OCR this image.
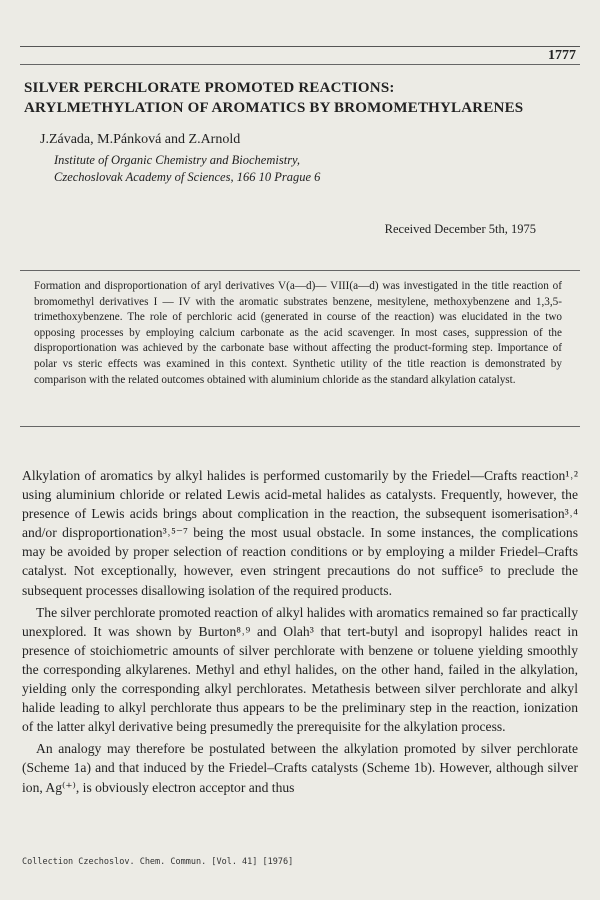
1777
SILVER PERCHLORATE PROMOTED REACTIONS:
ARYLMETHYLATION OF AROMATICS BY BROMOMETHYLARENES
J.Závada, M.Pánková and Z.Arnold
Institute of Organic Chemistry and Biochemistry,
Czechoslovak Academy of Sciences, 166 10 Prague 6
Received December 5th, 1975
Formation and disproportionation of aryl derivatives V(a—d)— VIII(a—d) was investigated in the title reaction of bromomethyl derivatives I — IV with the aromatic substrates benzene, mesitylene, methoxybenzene and 1,3,5-trimethoxybenzene. The role of perchloric acid (generated in course of the reaction) was elucidated in the two opposing processes by employing calcium carbonate as the acid scavenger. In most cases, suppression of the disproportionation was achieved by the carbonate base without affecting the product-forming step. Importance of polar vs steric effects was examined in this context. Synthetic utility of the title reaction is demonstrated by comparison with the related outcomes obtained with aluminium chloride as the standard alkylation catalyst.

Alkylation of aromatics by alkyl halides is performed customarily by the Friedel—Crafts reaction¹˒² using aluminium chloride or related Lewis acid-metal halides as catalysts. Frequently, however, the presence of Lewis acids brings about complication in the reaction, the subsequent isomerisation³˒⁴ and/or disproportionation³˒⁵⁻⁷ being the most usual obstacle. In some instances, the complications may be avoided by proper selection of reaction conditions or by employing a milder Friedel–Crafts catalyst. Not exceptionally, however, even stringent precautions do not suffice⁵ to preclude the subsequent processes disallowing isolation of the required products.

The silver perchlorate promoted reaction of alkyl halides with aromatics remained so far practically unexplored. It was shown by Burton⁸˒⁹ and Olah³ that tert-butyl and isopropyl halides react in presence of stoichiometric amounts of silver perchlorate with benzene or toluene yielding smoothly the corresponding alkylarenes. Methyl and ethyl halides, on the other hand, failed in the alkylation, yielding only the corresponding alkyl perchlorates. Metathesis between silver perchlorate and alkyl halide leading to alkyl perchlorate thus appears to be the preliminary step in the reaction, ionization of the latter alkyl derivative being presumedly the prerequisite for the alkylation process.

An analogy may therefore be postulated between the alkylation promoted by silver perchlorate (Scheme 1a) and that induced by the Friedel–Crafts catalysts (Scheme 1b). However, although silver ion, Ag⁽⁺⁾, is obviously electron acceptor and thus

Collection Czechoslov. Chem. Commun. [Vol. 41] [1976]
